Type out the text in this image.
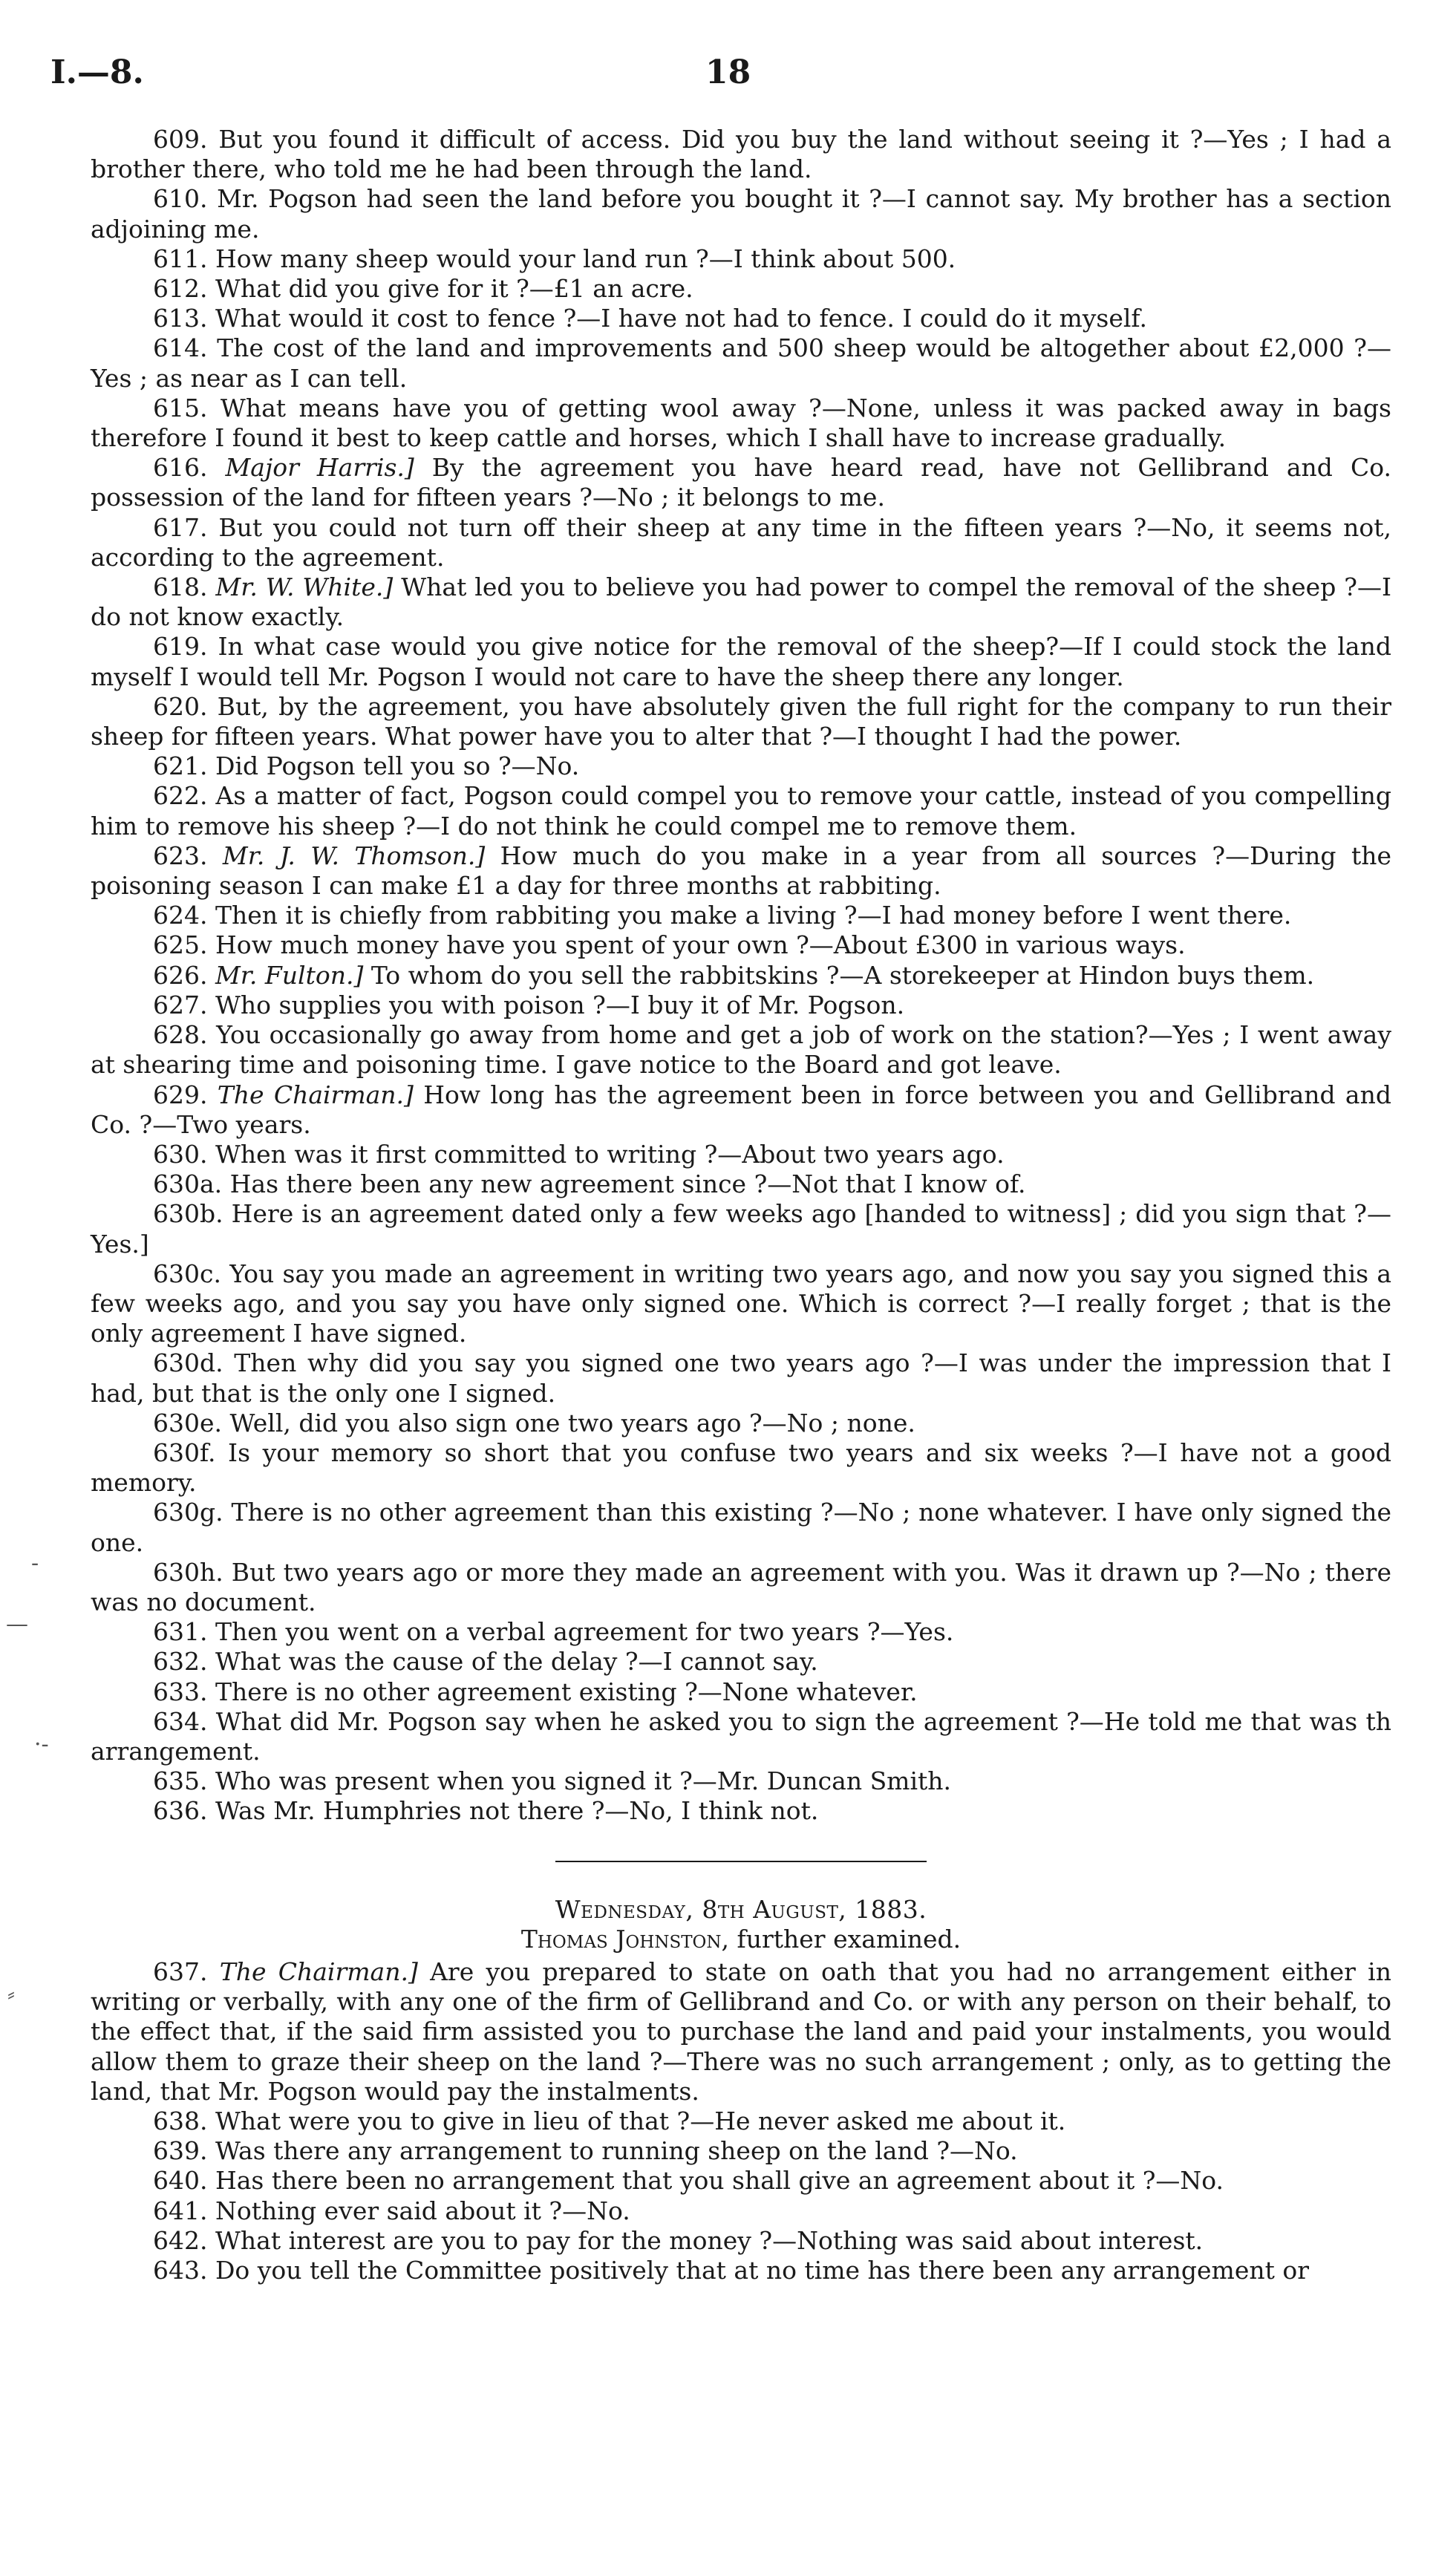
I.—8.	18
-
—
·-
⸗

609. But you found it difficult of access. Did you buy the land without seeing it ?—Yes ; I had a brother there, who told me he had been through the land.

610. Mr. Pogson had seen the land before you bought it ?—I cannot say. My brother has a section adjoining me.

611. How many sheep would your land run ?—I think about 500.

612. What did you give for it ?—£1 an acre.

613. What would it cost to fence ?—I have not had to fence. I could do it myself.

614. The cost of the land and improvements and 500 sheep would be altogether about £2,000 ?—Yes ; as near as I can tell.

615. What means have you of getting wool away ?—None, unless it was packed away in bags therefore I found it best to keep cattle and horses, which I shall have to increase gradually.

616. Major Harris.] By the agreement you have heard read, have not Gellibrand and Co. possession of the land for fifteen years ?—No ; it belongs to me.

617. But you could not turn off their sheep at any time in the fifteen years ?—No, it seems not, according to the agreement.

618. Mr. W. White.] What led you to believe you had power to compel the removal of the sheep ?—I do not know exactly.

619. In what case would you give notice for the removal of the sheep?—If I could stock the land myself I would tell Mr. Pogson I would not care to have the sheep there any longer.

620. But, by the agreement, you have absolutely given the full right for the company to run their sheep for fifteen years. What power have you to alter that ?—I thought I had the power.

621. Did Pogson tell you so ?—No.

622. As a matter of fact, Pogson could compel you to remove your cattle, instead of you compelling him to remove his sheep ?—I do not think he could compel me to remove them.

623. Mr. J. W. Thomson.] How much do you make in a year from all sources ?—During the poisoning season I can make £1 a day for three months at rabbiting.

624. Then it is chiefly from rabbiting you make a living ?—I had money before I went there.

625. How much money have you spent of your own ?—About £300 in various ways.

626. Mr. Fulton.] To whom do you sell the rabbitskins ?—A storekeeper at Hindon buys them.

627. Who supplies you with poison ?—I buy it of Mr. Pogson.

628. You occasionally go away from home and get a job of work on the station?—Yes ; I went away at shearing time and poisoning time. I gave notice to the Board and got leave.

629. The Chairman.] How long has the agreement been in force between you and Gellibrand and Co. ?—Two years.

630. When was it first committed to writing ?—About two years ago.

630a. Has there been any new agreement since ?—Not that I know of.

630b. Here is an agreement dated only a few weeks ago [handed to witness] ; did you sign that ?—Yes.]

630c. You say you made an agreement in writing two years ago, and now you say you signed this a few weeks ago, and you say you have only signed one. Which is correct ?—I really forget ; that is the only agreement I have signed.

630d. Then why did you say you signed one two years ago ?—I was under the impression that I had, but that is the only one I signed.

630e. Well, did you also sign one two years ago ?—No ; none.

630f. Is your memory so short that you confuse two years and six weeks ?—I have not a good memory.

630g. There is no other agreement than this existing ?—No ; none whatever. I have only signed the one.

630h. But two years ago or more they made an agreement with you. Was it drawn up ?—No ; there was no document.

631. Then you went on a verbal agreement for two years ?—Yes.

632. What was the cause of the delay ?—I cannot say.

633. There is no other agreement existing ?—None whatever.

634. What did Mr. Pogson say when he asked you to sign the agreement ?—He told me that was th arrangement.

635. Who was present when you signed it ?—Mr. Duncan Smith.

636. Was Mr. Humphries not there ?—No, I think not.

Wednesday, 8th August, 1883.

Thomas Johnston, further examined.

637. The Chairman.] Are you prepared to state on oath that you had no arrangement either in writing or verbally, with any one of the firm of Gellibrand and Co. or with any person on their behalf, to the effect that, if the said firm assisted you to purchase the land and paid your instalments, you would allow them to graze their sheep on the land ?—There was no such arrangement ; only, as to getting the land, that Mr. Pogson would pay the instalments.

638. What were you to give in lieu of that ?—He never asked me about it.

639. Was there any arrangement to running sheep on the land ?—No.

640. Has there been no arrangement that you shall give an agreement about it ?—No.

641. Nothing ever said about it ?—No.

642. What interest are you to pay for the money ?—Nothing was said about interest.

643. Do you tell the Committee positively that at no time has there been any arrangement or
